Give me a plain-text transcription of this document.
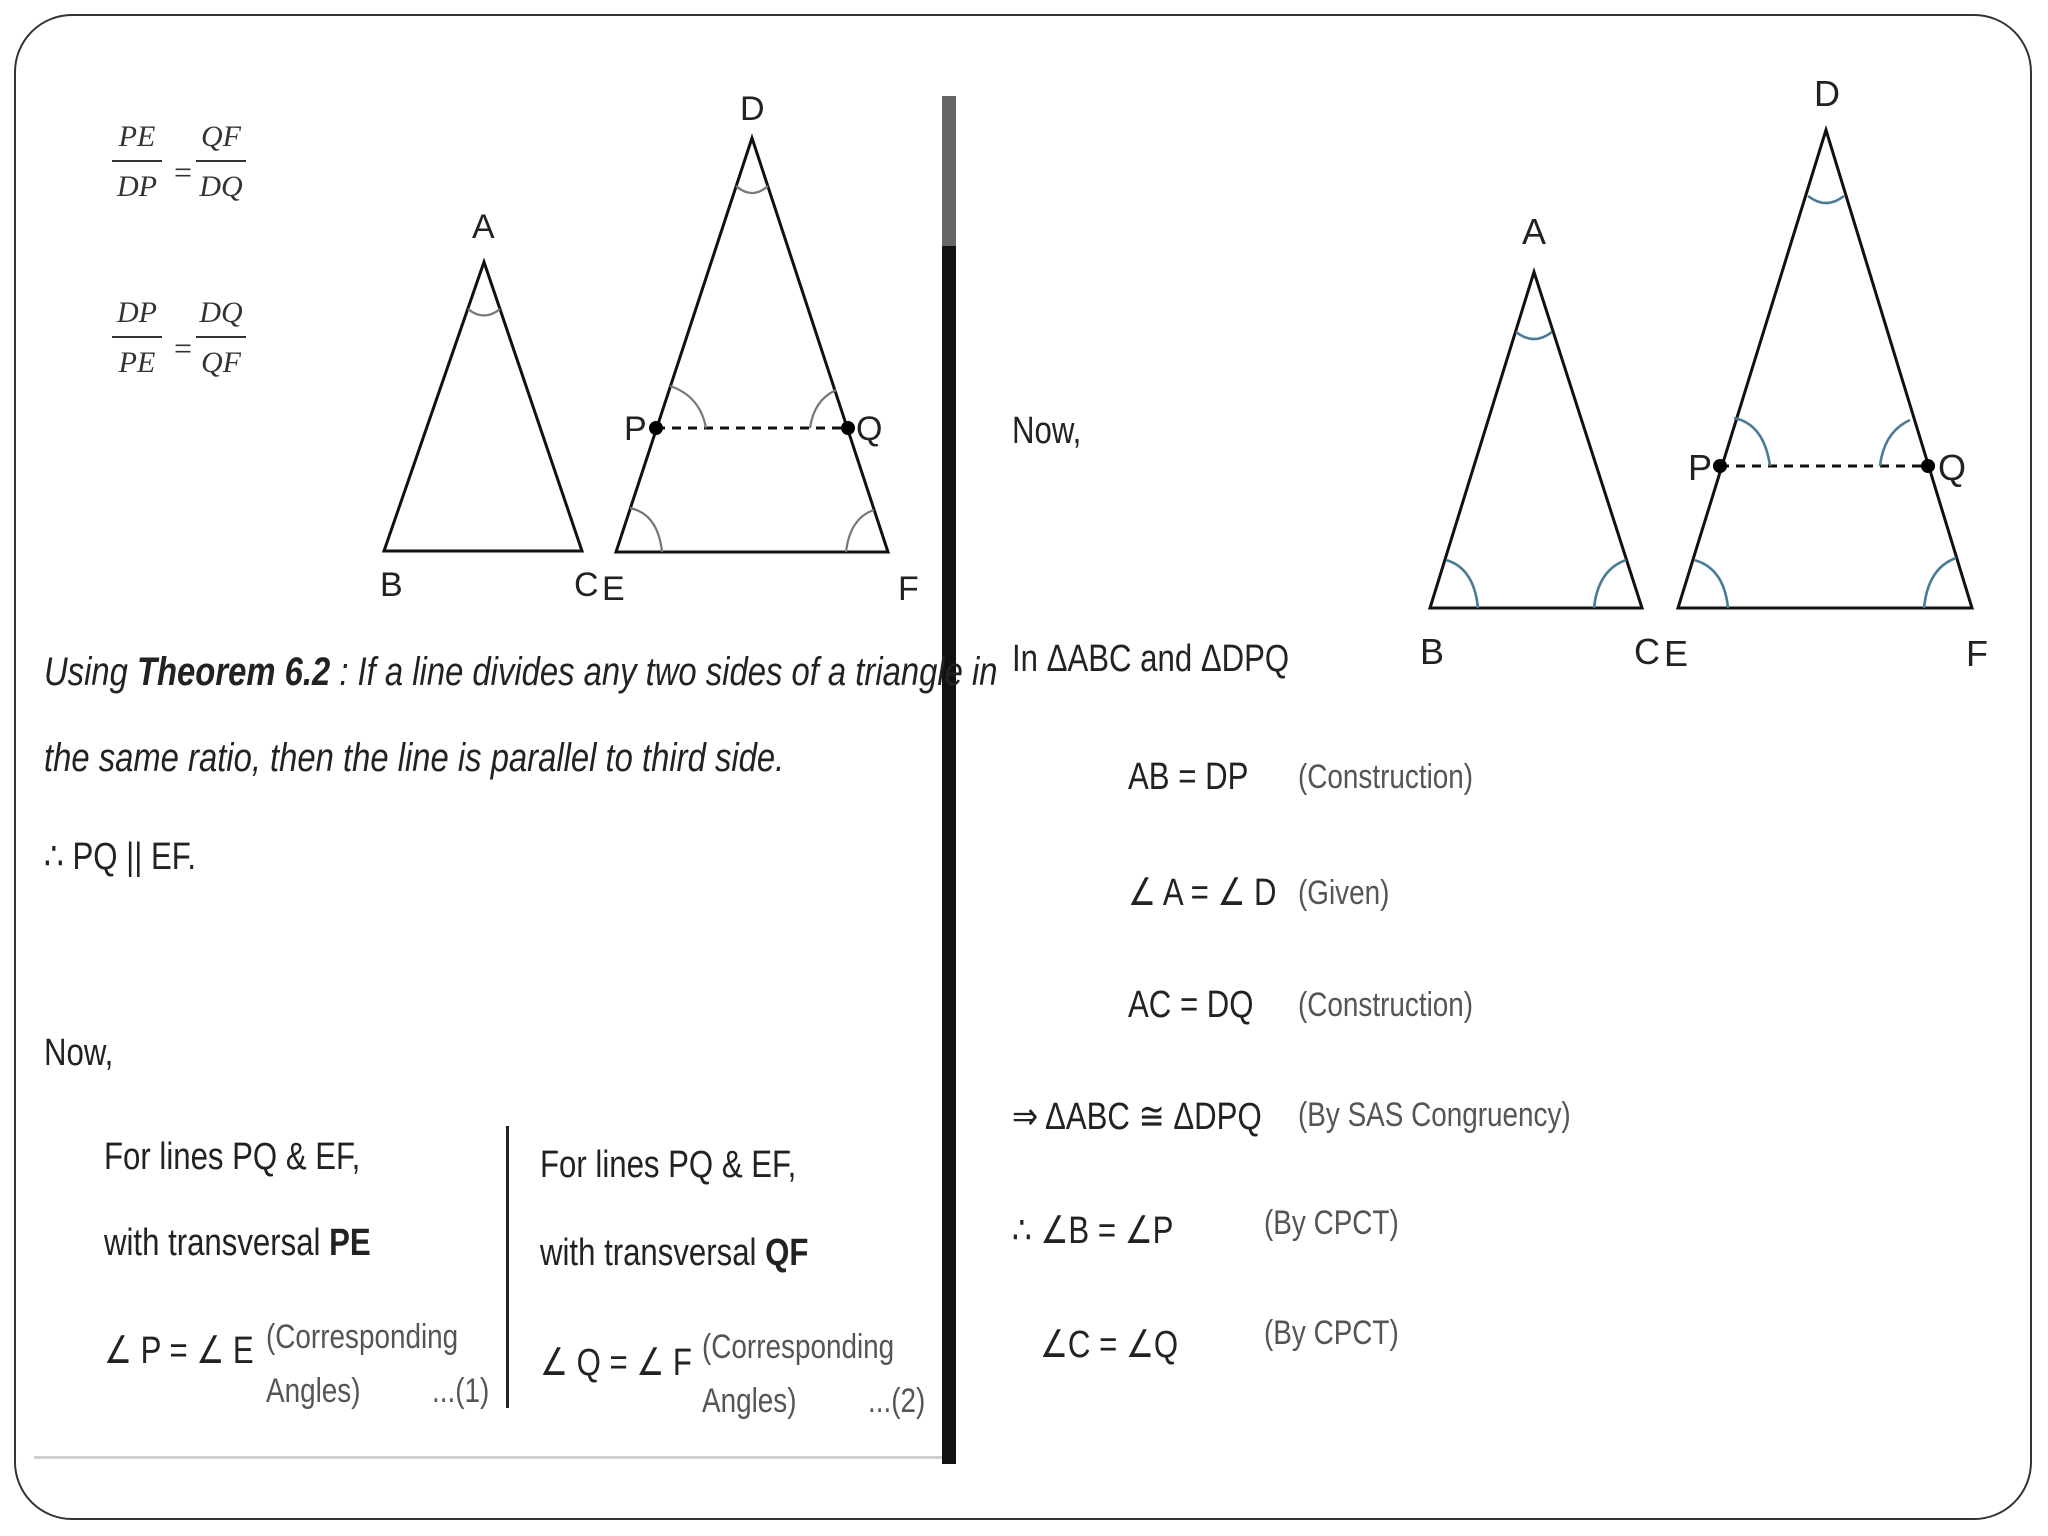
PE
DP =
QF
DQ
DP
PE =
DQ
QF
A
B	C
D
E	F
P	Q
Using Theorem 6.2 : If a line divides any two sides of a triangle in
the same ratio, then the line is parallel to third side.
∴ PQ || EF.
Now,
For lines PQ & EF,
with transversal PE
∠ P = ∠ E (Corresponding
Angles) ...(1)
For lines PQ & EF,
with transversal QF
∠ Q = ∠ F (Corresponding
Angles) ...(2)
A
B	C
D
E	F
P	Q
Now,
In ΔABC and ΔDPQ
AB = DP (Construction)
∠ A = ∠ D (Given)
AC = DQ (Construction)
⇒ ΔABC ≅ ΔDPQ (By SAS Congruency)
∴ ∠B = ∠P	(By CPCT)
∠C = ∠Q	(By CPCT)
